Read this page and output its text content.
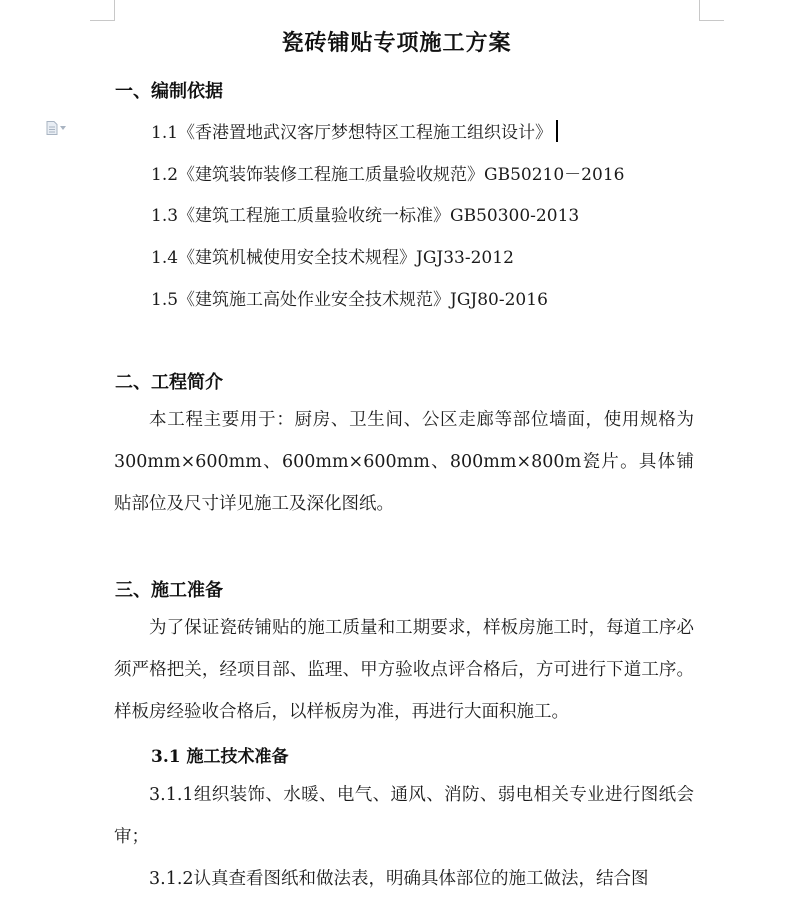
瓷砖铺贴专项施工方案
一、编制依据
1.1《香港置地武汉客厅梦想特区工程施工组织设计》
1.2《建筑装饰装修工程施工质量验收规范》GB50210－2016
1.3《建筑工程施工质量验收统一标准》GB50300-2013
1.4《建筑机械使用安全技术规程》JGJ33-2012
1.5《建筑施工高处作业安全技术规范》JGJ80-2016
二、工程简介
本工程主要用于：厨房、卫生间、公区走廊等部位墙面，使用规格为300mm×600mm、600mm×600mm、800mm×800m瓷片。具体铺贴部位及尺寸详见施工及深化图纸。
三、施工准备
为了保证瓷砖铺贴的施工质量和工期要求，样板房施工时，每道工序必须严格把关，经项目部、监理、甲方验收点评合格后，方可进行下道工序。样板房经验收合格后，以样板房为准，再进行大面积施工。
3.1 施工技术准备
3.1.1组织装饰、水暖、电气、通风、消防、弱电相关专业进行图纸会审；
3.1.2认真查看图纸和做法表，明确具体部位的施工做法，结合图
